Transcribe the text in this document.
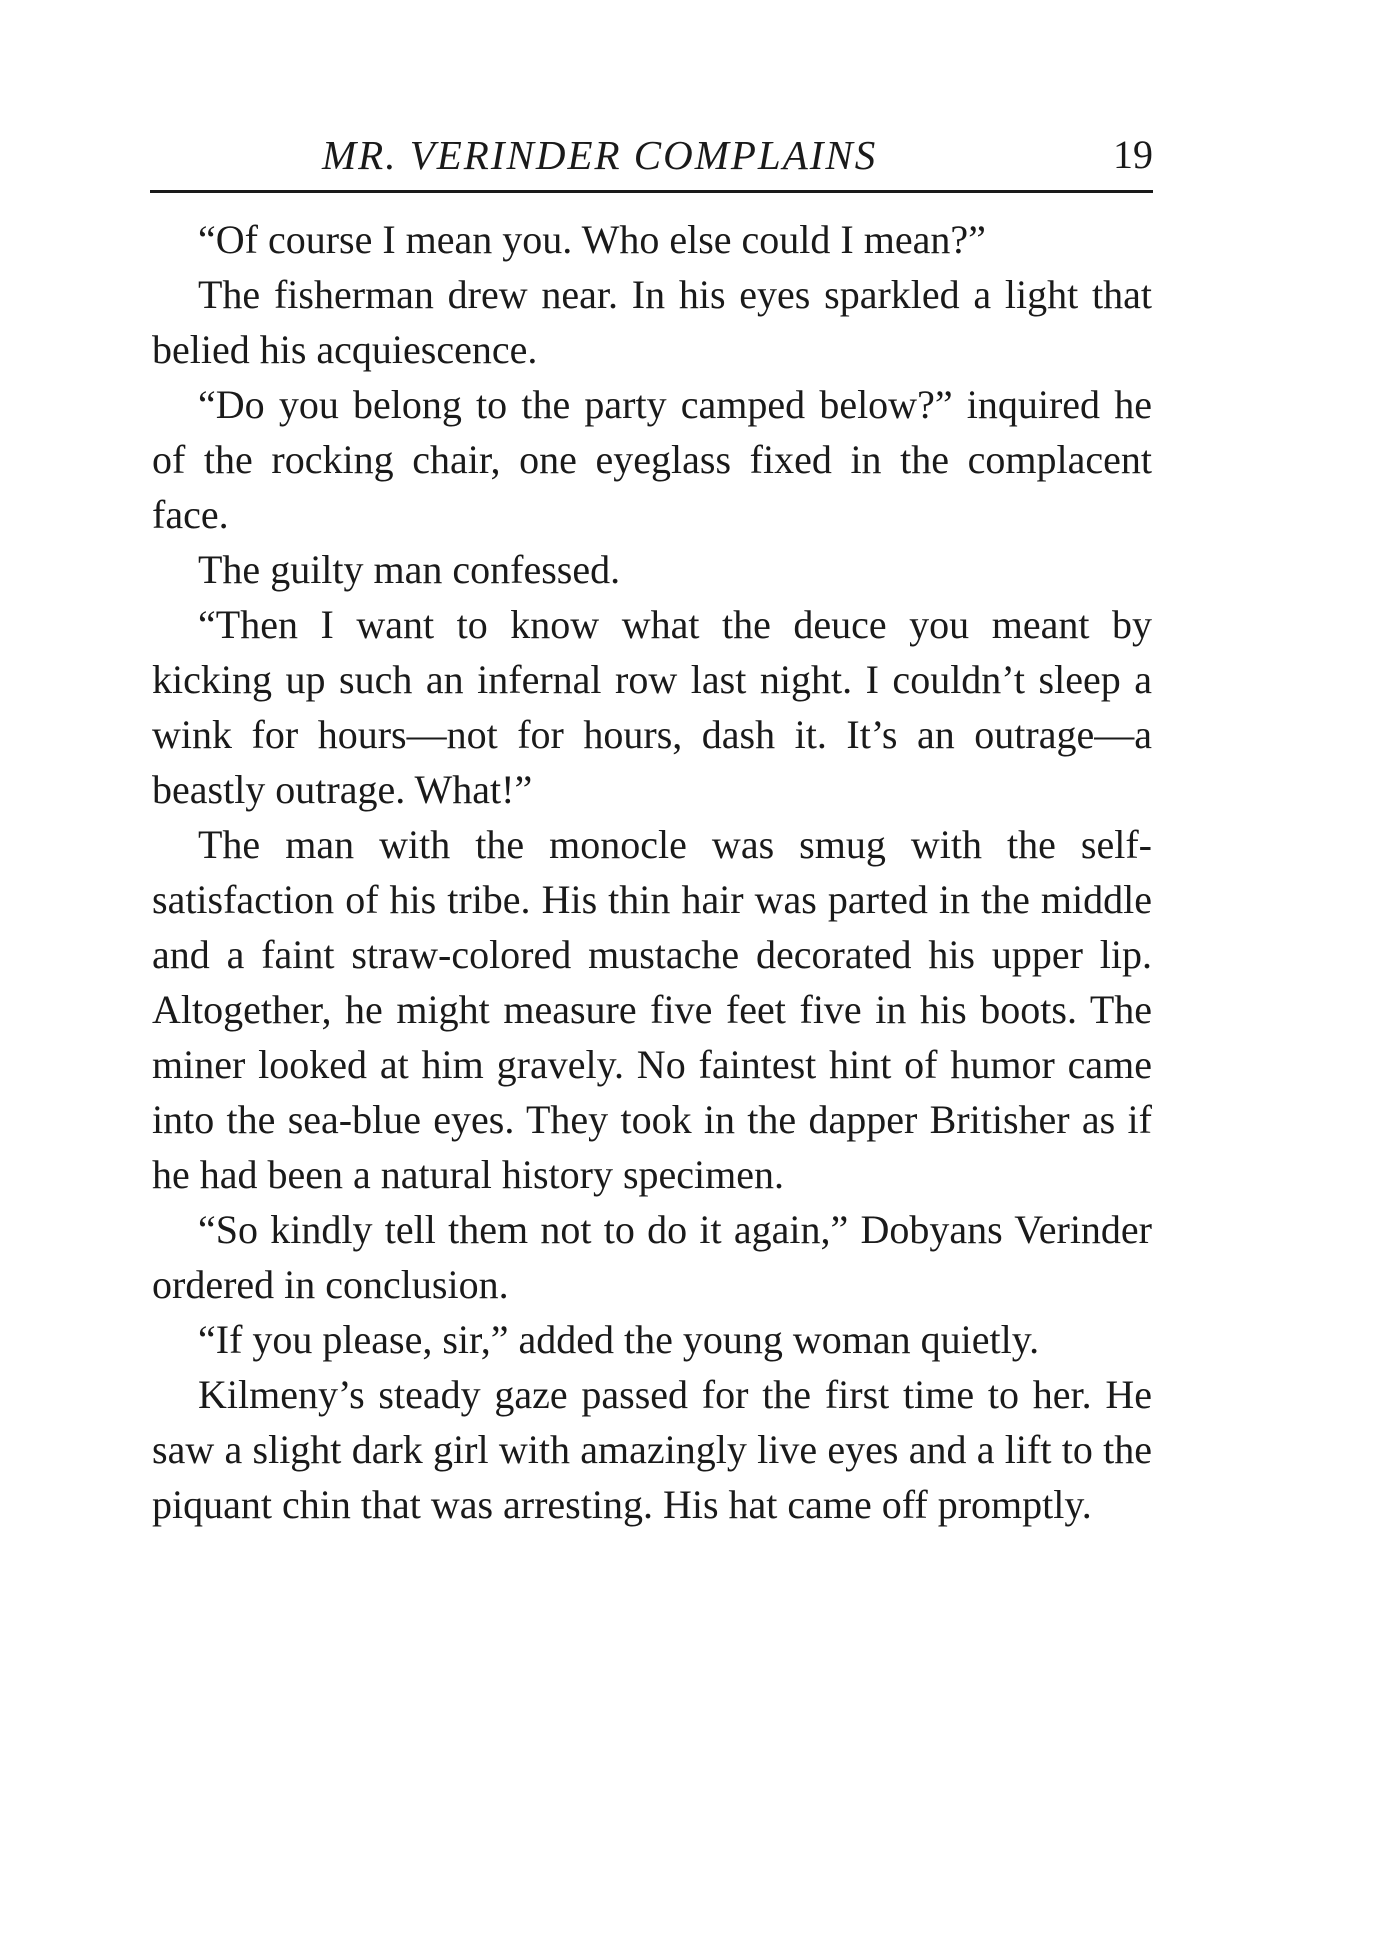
MR. VERINDER COMPLAINS	19

“Of course I mean you. Who else could I mean?”

The fisherman drew near. In his eyes sparkled a light that belied his acquiescence.

“Do you belong to the party camped below?” inquired he of the rocking chair, one eyeglass fixed in the complacent face.

The guilty man confessed.

“Then I want to know what the deuce you meant by kicking up such an infernal row last night. I couldn’t sleep a wink for hours—not for hours, dash it. It’s an outrage—a beastly outrage. What!”

The man with the monocle was smug with the self-satisfaction of his tribe. His thin hair was parted in the middle and a faint straw-colored mustache decorated his upper lip. Altogether, he might measure five feet five in his boots. The miner looked at him gravely. No faintest hint of humor came into the sea-blue eyes. They took in the dapper Britisher as if he had been a natural history specimen.

“So kindly tell them not to do it again,” Dobyans Verinder ordered in conclusion.

“If you please, sir,” added the young woman quietly.

Kilmeny’s steady gaze passed for the first time to her. He saw a slight dark girl with amazingly live eyes and a lift to the piquant chin that was arresting. His hat came off promptly.
